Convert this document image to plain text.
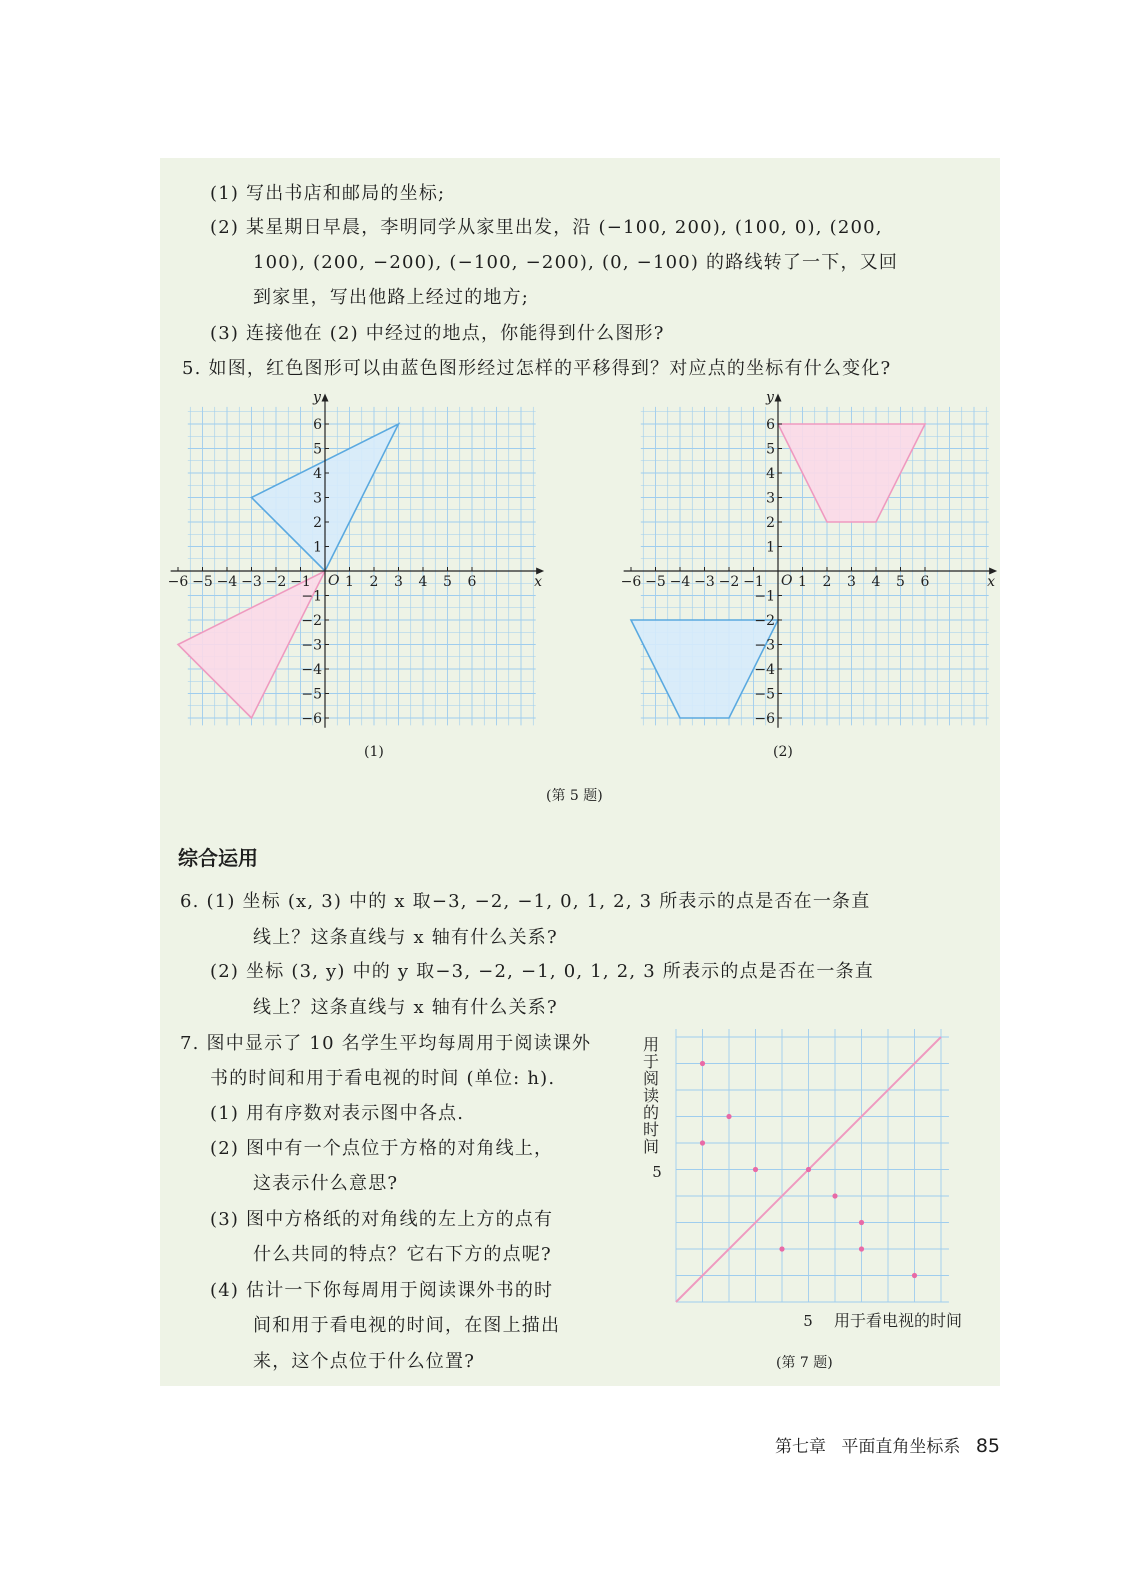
(1) 写出书店和邮局的坐标;
(2) 某星期日早晨，李明同学从家里出发，沿 (−100, 200), (100, 0), (200,
100), (200, −200), (−100, −200), (0, −100) 的路线转了一下，又回
到家里，写出他路上经过的地方;
(3) 连接他在 (2) 中经过的地点，你能得到什么图形?
5. 如图，红色图形可以由蓝色图形经过怎样的平移得到？对应点的坐标有什么变化?
−6 −5 −4 −3 −2 −1 1 2 3 4 5 6
−6
−5
−4
−3
−2
−1
1
2
3
4
5
6
x
y
O	−6 −5 −4 −3 −2 −1 1 2 3 4 5 6
−6
−5
−4
−3
−2
−1
1
2
3
4
5
6
x
y
O
用
于
阅
读
的
时
间
5
5 用于看电视的时间
(1)	(2)
(第 5 题)
综合运用
6. (1) 坐标 (x, 3) 中的 x 取−3, −2, −1, 0, 1, 2, 3 所表示的点是否在一条直
线上？这条直线与 x 轴有什么关系?
(2) 坐标 (3, y) 中的 y 取−3, −2, −1, 0, 1, 2, 3 所表示的点是否在一条直
线上？这条直线与 x 轴有什么关系?
7. 图中显示了 10 名学生平均每周用于阅读课外
书的时间和用于看电视的时间 (单位: h).
(1) 用有序数对表示图中各点.
(2) 图中有一个点位于方格的对角线上，
这表示什么意思?
(3) 图中方格纸的对角线的左上方的点有
什么共同的特点？它右下方的点呢?
(4) 估计一下你每周用于阅读课外书的时
间和用于看电视的时间，在图上描出
来，这个点位于什么位置?	(第 7 题)
第七章 平面直角坐标系 85
